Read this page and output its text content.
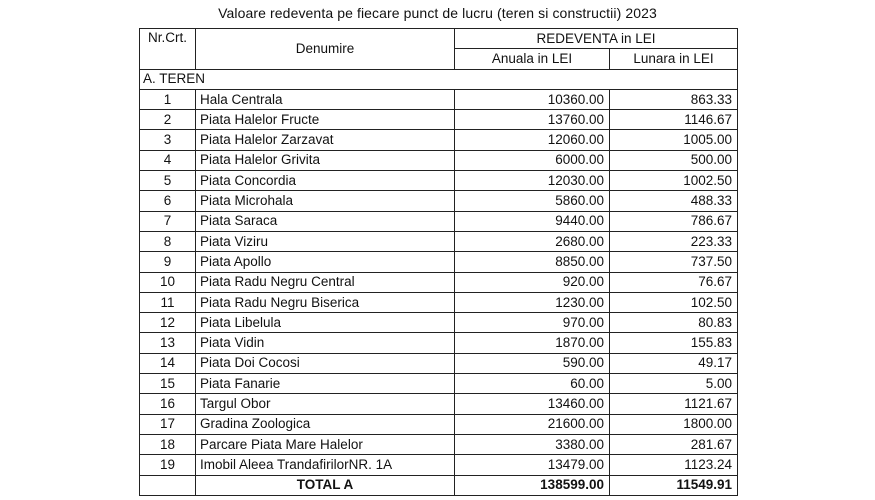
Valoare redeventa pe fiecare punct de lucru (teren si constructii) 2023
Nr.Crt.	Denumire	REDEVENTA in LEI	
		Anuala in LEI	Lunara in LEI
A. TEREN			
1	Hala Centrala	10360.00	863.33
2	Piata Halelor Fructe	13760.00	1146.67
3	Piata Halelor Zarzavat	12060.00	1005.00
4	Piata Halelor Grivita	6000.00	500.00
5	Piata Concordia	12030.00	1002.50
6	Piata Microhala	5860.00	488.33
7	Piata Saraca	9440.00	786.67
8	Piata Viziru	2680.00	223.33
9	Piata Apollo	8850.00	737.50
10	Piata Radu Negru Central	920.00	76.67
11	Piata Radu Negru Biserica	1230.00	102.50
12	Piata Libelula	970.00	80.83
13	Piata Vidin	1870.00	155.83
14	Piata Doi Cocosi	590.00	49.17
15	Piata Fanarie	60.00	5.00
16	Targul Obor	13460.00	1121.67
17	Gradina Zoologica	21600.00	1800.00
18	Parcare Piata Mare Halelor	3380.00	281.67
19	Imobil Aleea TrandafirilorNR. 1A	13479.00	1123.24
	TOTAL A	138599.00	11549.91
